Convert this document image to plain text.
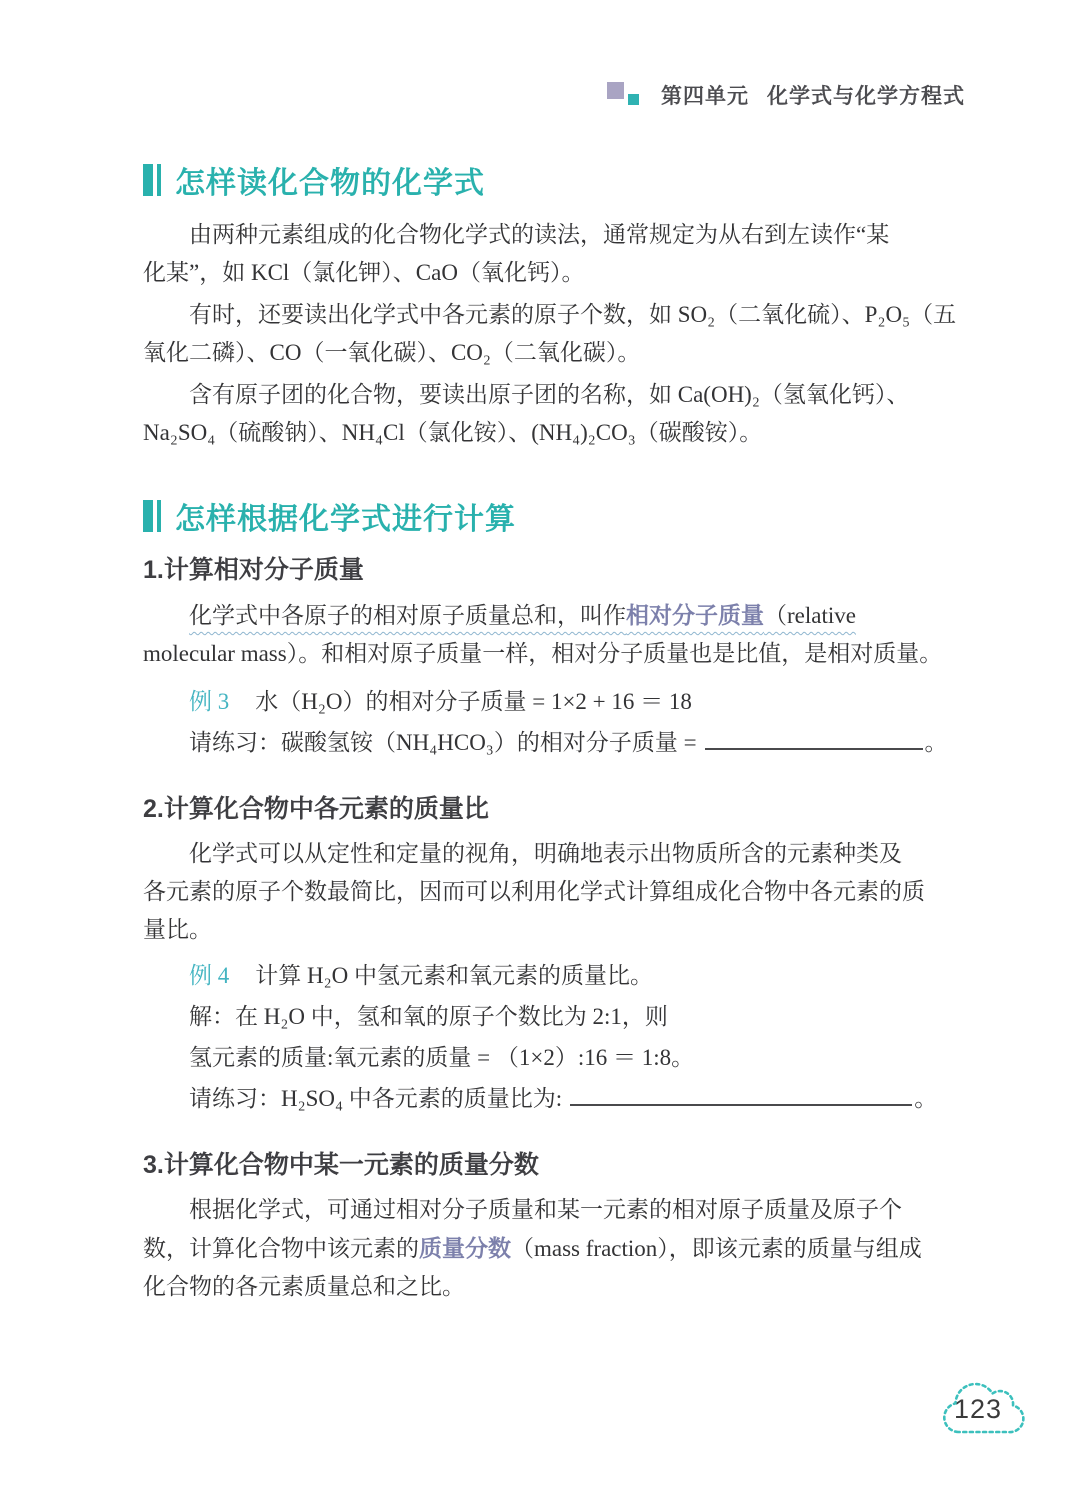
第四单元 化学式与化学方程式
怎样读化合物的化学式
由两种元素组成的化合物化学式的读法，通常规定为从右到左读作“某
化某”，如 KCl（氯化钾）、CaO（氧化钙）。
有时，还要读出化学式中各元素的原子个数，如 SO₂（二氧化硫）、P₂O₅（五
氧化二磷）、CO（一氧化碳）、CO₂（二氧化碳）。
含有原子团的化合物，要读出原子团的名称，如 Ca(OH)₂（氢氧化钙）、
Na₂SO₄（硫酸钠）、NH₄Cl（氯化铵）、(NH₄)₂CO₃（碳酸铵）。
怎样根据化学式进行计算
1.计算相对分子质量
化学式中各原子的相对原子质量总和，叫作相对分子质量（relative
molecular mass）。和相对原子质量一样，相对分子质量也是比值，是相对质量。
例 3 水（H₂O）的相对分子质量 = 1×2 + 16 ＝ 18
请练习：碳酸氢铵（NH₄HCO₃）的相对分子质量 =	。
2.计算化合物中各元素的质量比
化学式可以从定性和定量的视角，明确地表示出物质所含的元素种类及
各元素的原子个数最简比，因而可以利用化学式计算组成化合物中各元素的质
量比。
例 4 计算 H₂O 中氢元素和氧元素的质量比。
解：在 H₂O 中，氢和氧的原子个数比为 2:1，则
氢元素的质量:氧元素的质量 = （1×2）:16 ＝ 1:8。
请练习：H₂SO₄ 中各元素的质量比为:	。
3.计算化合物中某一元素的质量分数
根据化学式，可通过相对分子质量和某一元素的相对原子质量及原子个
数，计算化合物中该元素的质量分数（mass fraction），即该元素的质量与组成
化合物的各元素质量总和之比。
123
